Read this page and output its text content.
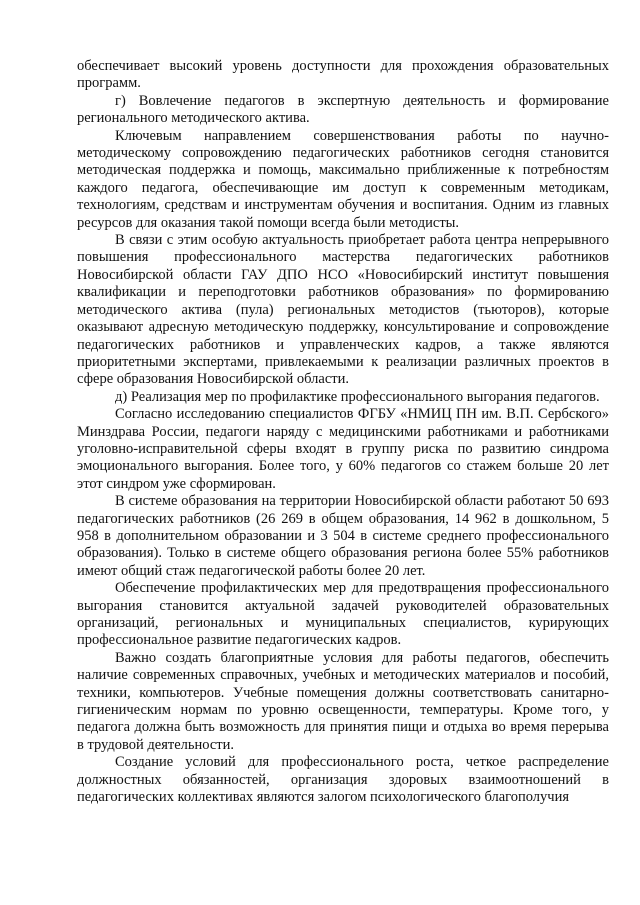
обеспечивает высокий уровень доступности для прохождения образовательных программ.

г) Вовлечение педагогов в экспертную деятельность и формирование регионального методического актива.

Ключевым направлением совершенствования работы по научно-методическому сопровождению педагогических работников сегодня становится методическая поддержка и помощь, максимально приближенные к потребностям каждого педагога, обеспечивающие им доступ к современным методикам, технологиям, средствам и инструментам обучения и воспитания. Одним из главных ресурсов для оказания такой помощи всегда были методисты.

В связи с этим особую актуальность приобретает работа центра непрерывного повышения профессионального мастерства педагогических работников Новосибирской области ГАУ ДПО НСО «Новосибирский институт повышения квалификации и переподготовки работников образования» по формированию методического актива (пула) региональных методистов (тьюторов), которые оказывают адресную методическую поддержку, консультирование и сопровождение педагогических работников и управленческих кадров, а также являются приоритетными экспертами, привлекаемыми к реализации различных проектов в сфере образования Новосибирской области.

д) Реализация мер по профилактике профессионального выгорания педагогов.

Согласно исследованию специалистов ФГБУ «НМИЦ ПН им. В.П. Сербского» Минздрава России, педагоги наряду с медицинскими работниками и работниками уголовно-исправительной сферы входят в группу риска по развитию синдрома эмоционального выгорания. Более того, у 60% педагогов со стажем больше 20 лет этот синдром уже сформирован.

В системе образования на территории Новосибирской области работают 50 693 педагогических работников (26 269 в общем образования, 14 962 в дошкольном, 5 958 в дополнительном образовании и 3 504 в системе среднего профессионального образования). Только в системе общего образования региона более 55% работников имеют общий стаж педагогической работы более 20 лет.

Обеспечение профилактических мер для предотвращения профессионального выгорания становится актуальной задачей руководителей образовательных организаций, региональных и муниципальных специалистов, курирующих профессиональное развитие педагогических кадров.

Важно создать благоприятные условия для работы педагогов, обеспечить наличие современных справочных, учебных и методических материалов и пособий, техники, компьютеров. Учебные помещения должны соответствовать санитарно-гигиеническим нормам по уровню освещенности, температуры. Кроме того, у педагога должна быть возможность для принятия пищи и отдыха во время перерыва в трудовой деятельности.

Создание условий для профессионального роста, четкое распределение должностных обязанностей, организация здоровых взаимоотношений в педагогических коллективах являются залогом психологического благополучия
